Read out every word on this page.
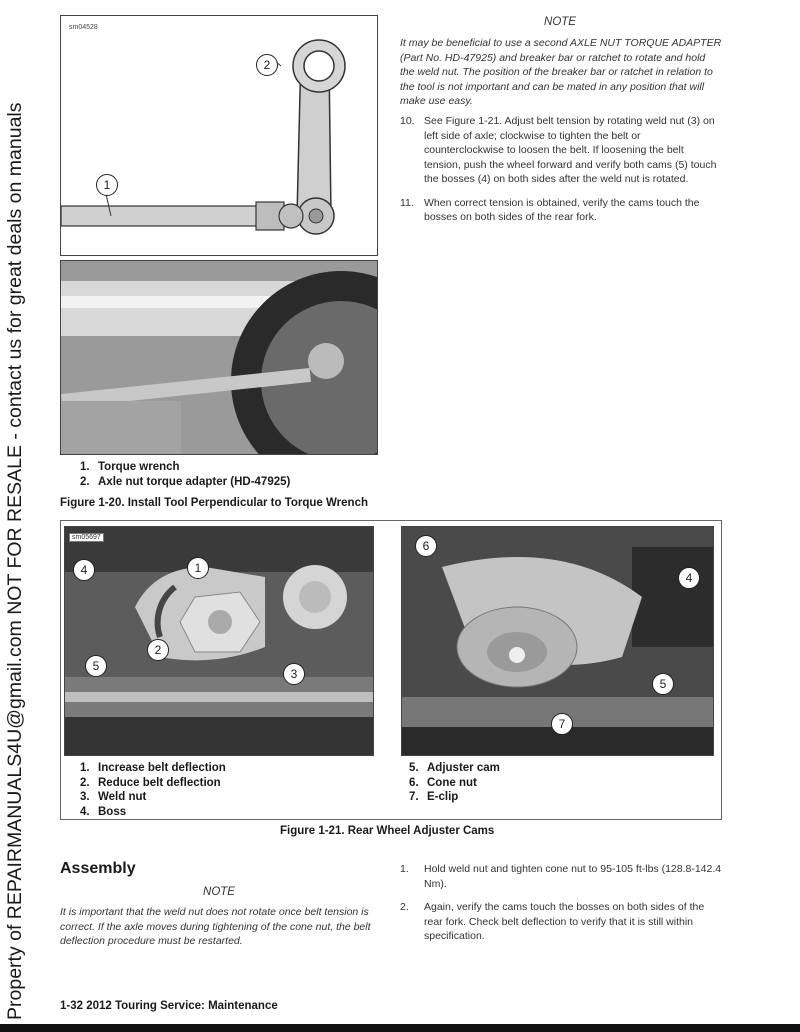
Property of REPAIRMANUALS4U@gmail.com NOT FOR RESALE - contact us for great deals on manuals
sm04528
2
1
1. Torque wrench
2. Axle nut torque adapter (HD-47925)
Figure 1-20. Install Tool Perpendicular to Torque Wrench
NOTE
It may be beneficial to use a second AXLE NUT TORQUE ADAPTER (Part No. HD-47925) and breaker bar or ratchet to rotate and hold the weld nut. The position of the breaker bar or ratchet in relation to the tool is not important and can be mated in any position that will make use easy.
10. See Figure 1-21. Adjust belt tension by rotating weld nut (3) on left side of axle; clockwise to tighten the belt or counterclockwise to loosen the belt. If loosening the belt tension, push the wheel forward and verify both cams (5) touch the bosses (4) on both sides after the weld nut is rotated.
11. When correct tension is obtained, verify the cams touch the bosses on both sides of the rear fork.
sm05697
4	1
2
5
3
6
4
5
7
1. Increase belt deflection
2. Reduce belt deflection
3. Weld nut
4. Boss
5. Adjuster cam
6. Cone nut
7. E-clip
Figure 1-21. Rear Wheel Adjuster Cams
Assembly
NOTE
It is important that the weld nut does not rotate once belt tension is correct. If the axle moves during tightening of the cone nut, the belt deflection procedure must be restarted.
1.	Hold weld nut and tighten cone nut to 95-105 ft-lbs (128.8-142.4 Nm).
2.	Again, verify the cams touch the bosses on both sides of the rear fork. Check belt deflection to verify that it is still within specification.
1-32 2012 Touring Service: Maintenance
